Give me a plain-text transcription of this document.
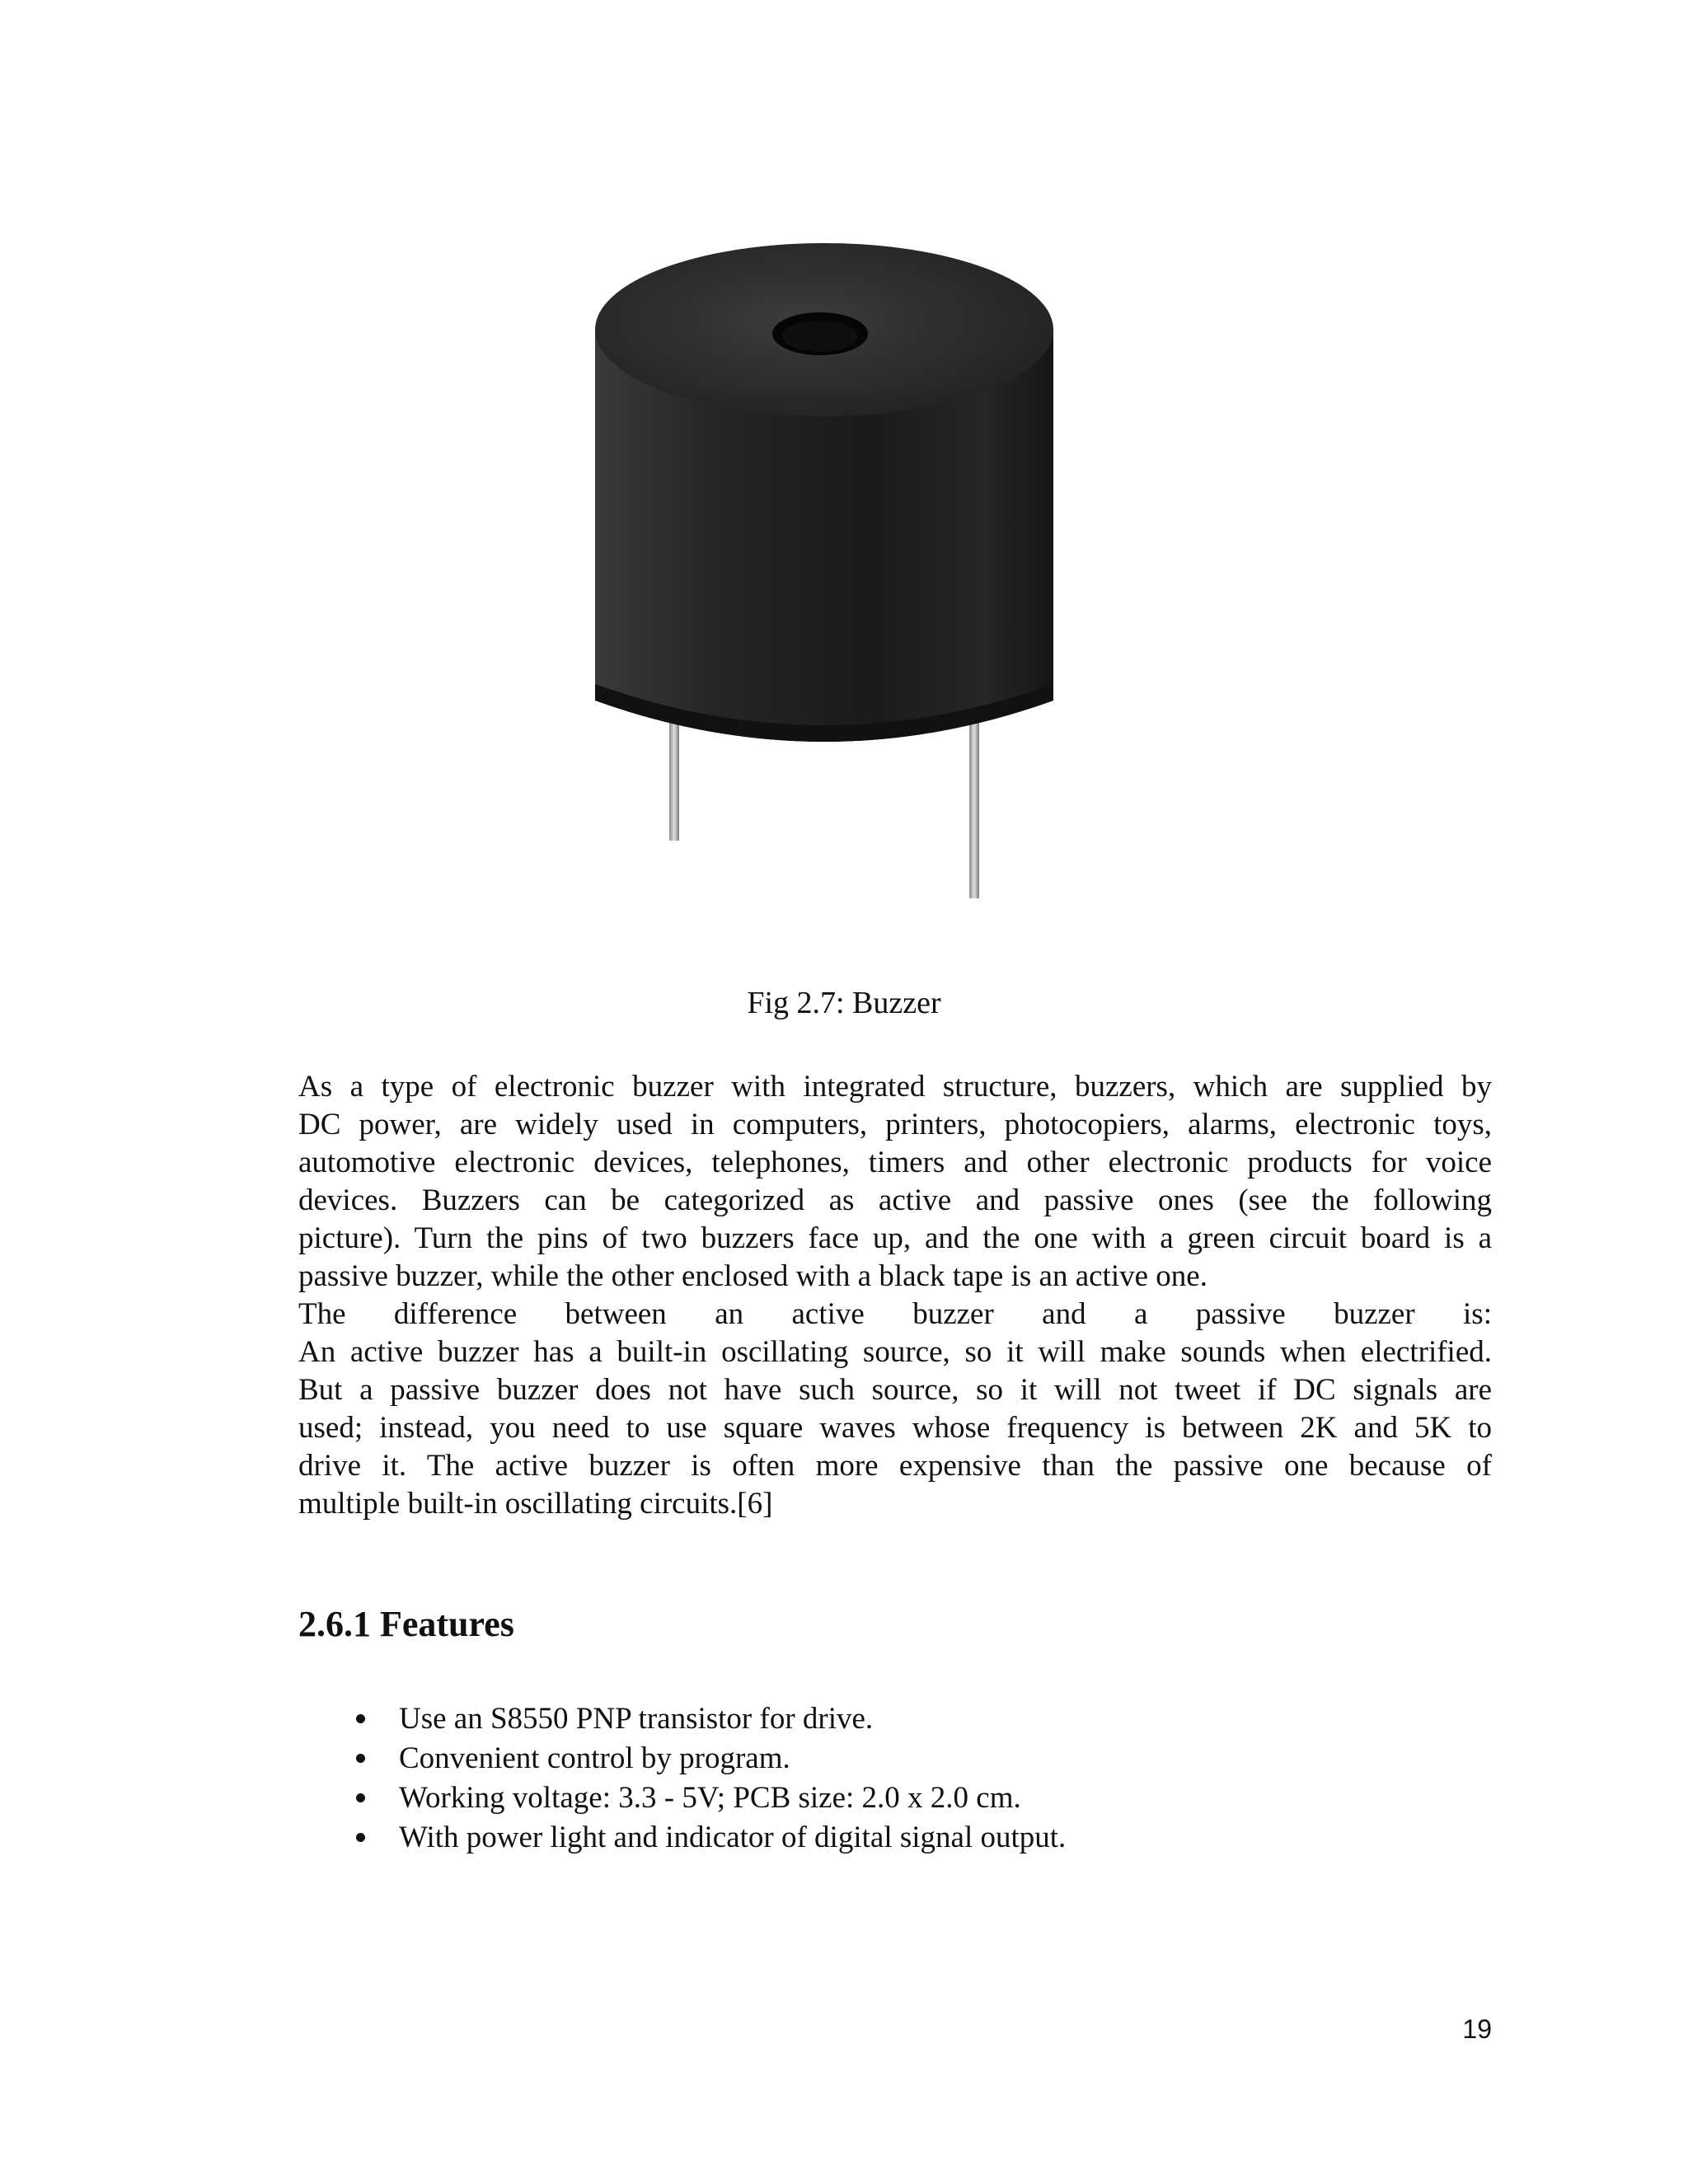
Fig 2.7: Buzzer
As a type of electronic buzzer with integrated structure, buzzers, which are supplied by
DC power, are widely used in computers, printers, photocopiers, alarms, electronic toys,
automotive electronic devices, telephones, timers and other electronic products for voice
devices. Buzzers can be categorized as active and passive ones (see the following
picture). Turn the pins of two buzzers face up, and the one with a green circuit board is a
passive buzzer, while the other enclosed with a black tape is an active one.
The difference between an active buzzer and a passive buzzer is:
An active buzzer has a built-in oscillating source, so it will make sounds when electrified.
But a passive buzzer does not have such source, so it will not tweet if DC signals are
used; instead, you need to use square waves whose frequency is between 2K and 5K to
drive it. The active buzzer is often more expensive than the passive one because of
multiple built-in oscillating circuits.[6]
2.6.1 Features
Use an S8550 PNP transistor for drive.
Convenient control by program.
Working voltage: 3.3 - 5V; PCB size: 2.0 x 2.0 cm.
With power light and indicator of digital signal output.
19
